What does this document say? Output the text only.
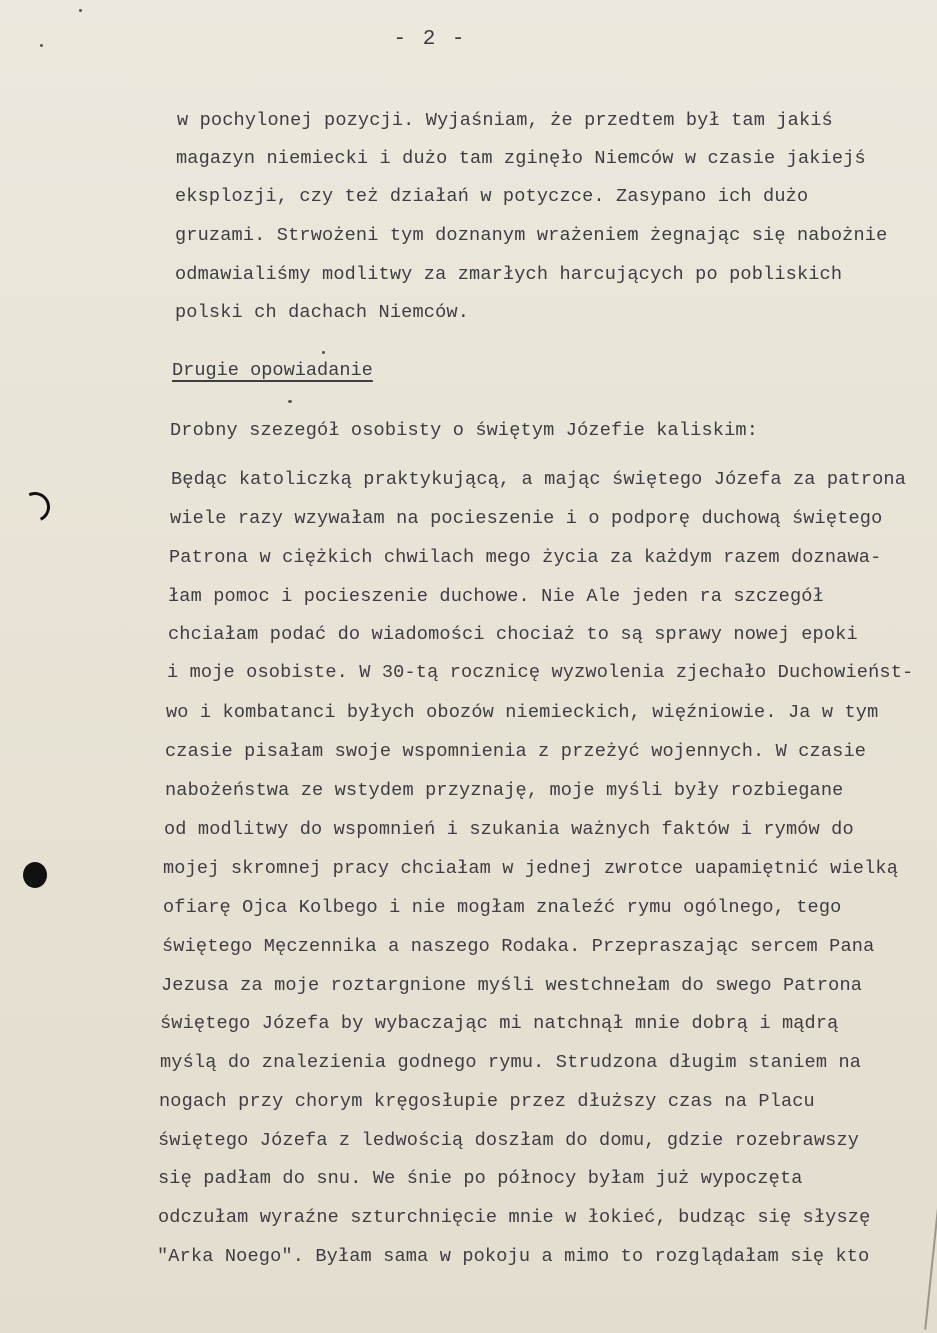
- 2 -
w pochylonej pozycji. Wyjaśniam, że przedtem był tam jakiś
magazyn niemiecki i dużo tam zginęło Niemców w czasie jakiejś
eksplozji, czy też działań w potyczce. Zasypano ich dużo
gruzami. Strwożeni tym doznanym wrażeniem żegnając się nabożnie
odmawialiśmy modlitwy za zmarłych harcujących po pobliskich
polski ch dachach Niemców.
Drugie opowiadanie
Drobny szezegół osobisty o świętym Józefie kaliskim:
Będąc katoliczką praktykującą, a mając świętego Józefa za patrona
wiele razy wzywałam na pocieszenie i o podporę duchową świętego
Patrona w ciężkich chwilach mego życia za każdym razem doznawa-
łam pomoc i pocieszenie duchowe. Nie Ale jeden ra szczegół
chciałam podać do wiadomości chociaż to są sprawy nowej epoki
i moje osobiste. W 30-tą rocznicę wyzwolenia zjechało Duchowieńst-
wo i kombatanci byłych obozów niemieckich, więźniowie. Ja w tym
czasie pisałam swoje wspomnienia z przeżyć wojennych. W czasie
nabożeństwa ze wstydem przyznaję, moje myśli były rozbiegane
od modlitwy do wspomnień i szukania ważnych faktów i rymów do
mojej skromnej pracy chciałam w jednej zwrotce uapamiętnić wielką
ofiarę Ojca Kolbego i nie mogłam znaleźć rymu ogólnego, tego
świętego Męczennika a naszego Rodaka. Przepraszając sercem Pana
Jezusa za moje roztargnione myśli westchnełam do swego Patrona
świętego Józefa by wybaczając mi natchnął mnie dobrą i mądrą
myślą do znalezienia godnego rymu. Strudzona długim staniem na
nogach przy chorym kręgosłupie przez dłuższy czas na Placu
świętego Józefa z ledwością doszłam do domu, gdzie rozebrawszy
się padłam do snu. We śnie po północy byłam już wypoczęta
odczułam wyraźne szturchnięcie mnie w łokieć, budząc się słyszę
"Arka Noego". Byłam sama w pokoju a mimo to rozglądałam się kto
